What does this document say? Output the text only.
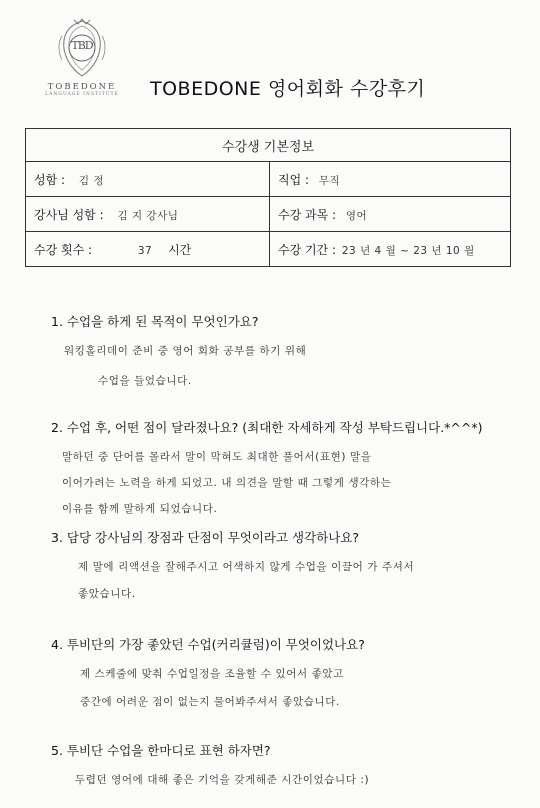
TBD
TOBEDONE
LANGUAGE INSTITUTE	TOBEDONE 영어회화 수강후기
수강생 기본정보	
성함 : 김 정	직업 : 무직
강사님 성함 : 김 지 강사님	수강 과목 : 영어
수강 횟수 : 37 시간	수강 기간 : 23 년 4 월 ~ 23 년 10 월
1. 수업을 하게 된 목적이 무엇인가요?
워킹홀리데이 준비 중 영어 회화 공부를 하기 위해
수업을 들었습니다.
2. 수업 후, 어떤 점이 달라졌나요? (최대한 자세하게 작성 부탁드립니다.*^^*)
말하던 중 단어를 몰라서 말이 막혀도 최대한 풀어서(표현) 말을
이어가려는 노력을 하게 되었고. 내 의견을 말할 때 그렇게 생각하는
이유를 함께 말하게 되었습니다.
3. 담당 강사님의 장점과 단점이 무엇이라고 생각하나요?
제 말에 리액션을 잘해주시고 어색하지 않게 수업을 이끌어 가 주셔서
좋았습니다.
4. 투비단의 가장 좋았던 수업(커리큘럼)이 무엇이었나요?
제 스케줄에 맞춰 수업일정을 조율할 수 있어서 좋았고
중간에 어려운 점이 없는지 물어봐주셔서 좋았습니다.
5. 투비단 수업을 한마디로 표현 하자면?
두렵던 영어에 대해 좋은 기억을 갖게해준 시간이었습니다 :)
